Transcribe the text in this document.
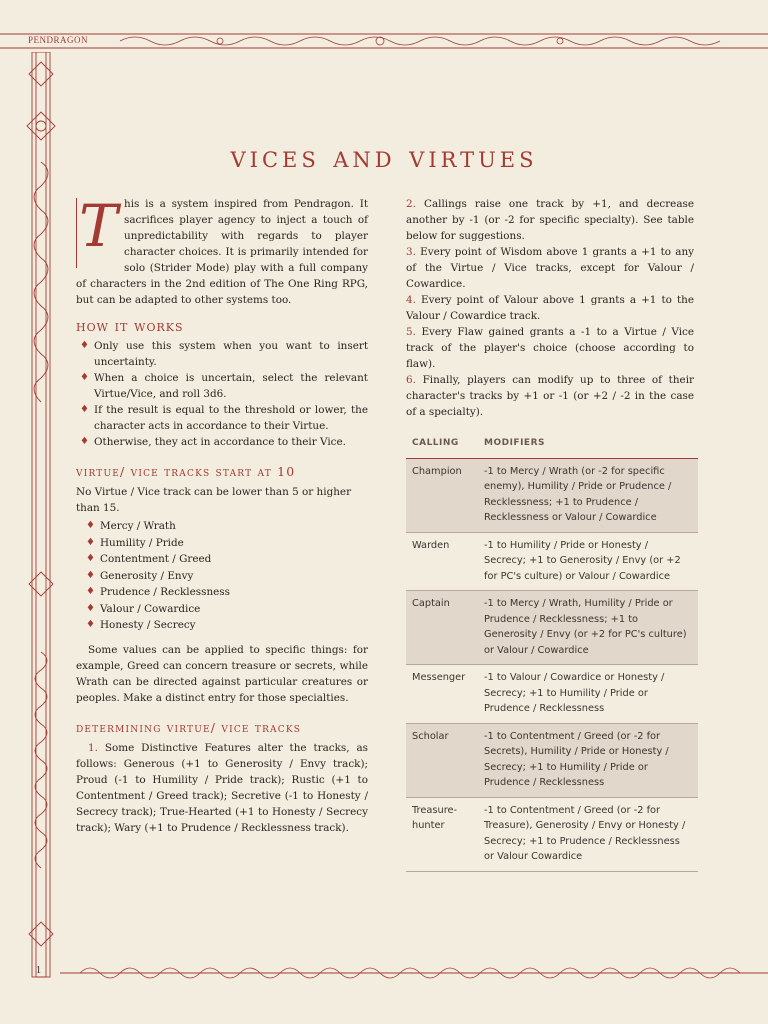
PENDRAGON
1
vices and virtues
T his is a system inspired from Pendragon. It sacrifices player agency to inject a touch of unpredictability with regards to player character choices. It is primarily intended for solo (Strider Mode) play with a full company of characters in the 2nd edition of The One Ring RPG, but can be adapted to other systems too.

how it works
♦ Only use this system when you want to insert uncertainty.
♦ When a choice is uncertain, select the relevant Virtue/Vice, and roll 3d6.
♦ If the result is equal to the threshold or lower, the character acts in accordance to their Virtue.
♦ Otherwise, they act in accordance to their Vice.
virtue/ vice tracks start at 10

No Virtue / Vice track can be lower than 5 or higher than 15.

♦ Mercy / Wrath
♦ Humility / Pride
♦ Contentment / Greed
♦ Generosity / Envy
♦ Prudence / Recklessness
♦ Valour / Cowardice
♦ Honesty / Secrecy

Some values can be applied to specific things: for example, Greed can concern treasure or secrets, while Wrath can be directed against particular creatures or peoples. Make a distinct entry for those specialties.

determining virtue/ vice tracks

1. Some Distinctive Features alter the tracks, as follows: Generous (+1 to Generosity / Envy track); Proud (-1 to Humility / Pride track); Rustic (+1 to Contentment / Greed track); Secretive (-1 to Honesty / Secrecy track); True-Hearted (+1 to Honesty / Secrecy track); Wary (+1 to Prudence / Recklessness track).

2. Callings raise one track by +1, and decrease another by -1 (or -2 for specific specialty). See table below for suggestions.

3. Every point of Wisdom above 1 grants a +1 to any of the Virtue / Vice tracks, except for Valour / Cowardice.

4. Every point of Valour above 1 grants a +1 to the Valour / Cowardice track.

5. Every Flaw gained grants a -1 to a Virtue / Vice track of the player's choice (choose according to flaw).

6. Finally, players can modify up to three of their character's tracks by +1 or -1 (or +2 / -2 in the case of a specialty).

CALLING	MODIFIERS
Champion	-1 to Mercy / Wrath (or -2 for specific enemy), Humility / Pride or Prudence / Recklessness; +1 to Prudence / Recklessness or Valour / Cowardice
Warden	-1 to Humility / Pride or Honesty / Secrecy; +1 to Generosity / Envy (or +2 for PC's culture) or Valour / Cowardice
Captain	-1 to Mercy / Wrath, Humility / Pride or Prudence / Recklessness; +1 to Generosity / Envy (or +2 for PC's culture) or Valour / Cowardice
Messenger	-1 to Valour / Cowardice or Honesty / Secrecy; +1 to Humility / Pride or Prudence / Recklessness
Scholar	-1 to Contentment / Greed (or -2 for Secrets), Humility / Pride or Honesty / Secrecy; +1 to Humility / Pride or Prudence / Recklessness
Treasure-hunter	-1 to Contentment / Greed (or -2 for Treasure), Generosity / Envy or Honesty / Secrecy; +1 to Prudence / Recklessness or Valour Cowardice
